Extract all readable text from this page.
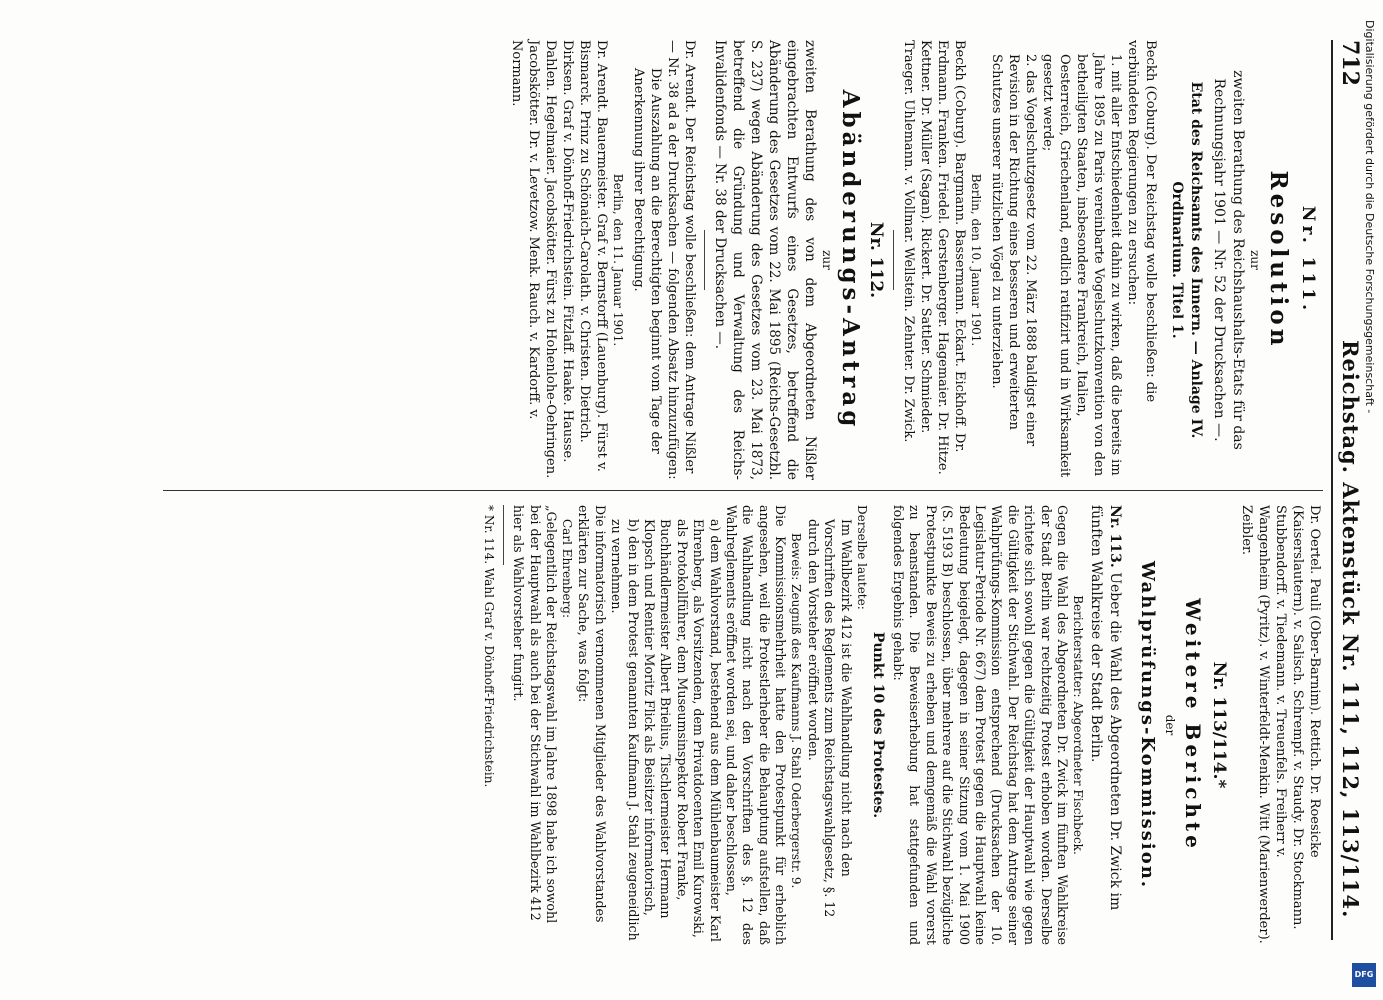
712
Reichstag. Aktenstück Nr. 111, 112, 113/114.
Nr. 111.
Resolution
zur
zweiten Berathung des Reichshaushalts-Etats für das Rechnungsjahr 1901 — Nr. 52 der Drucksachen —.
Etat des Reichsamts des Innern. — Anlage IV. Ordinarium. Titel 1.
Beckh (Coburg). Der Reichstag wolle beschließen: die verbündeten Regierungen zu ersuchen:
1. mit aller Entschiedenheit dahin zu wirken, daß die bereits im Jahre 1895 zu Paris vereinbarte Vogelschutzkonvention von den betheiligten Staaten, insbesondere Frankreich, Italien, Oesterreich, Griechenland, endlich ratifizirt und in Wirksamkeit gesetzt werde;
2. das Vogelschutzgesetz vom 22. März 1888 baldigst einer Revision in der Richtung eines besseren und erweiterten Schutzes unserer nützlichen Vögel zu unterziehen.
Berlin, den 10. Januar 1901.
Beckh (Coburg). Bargmann. Bassermann. Eckart. Eickhoff. Dr. Erdmann. Franken. Friedel. Gerstenberger. Hagemaier. Dr. Hitze. Kettner. Dr. Müller (Sagan). Rickert. Dr. Sattler. Schmieder. Traeger. Uhlemann. v. Vollmar. Wellstein. Zehnter. Dr. Zwick.
Nr. 112.
Abänderungs-Antrag
zur
zweiten Berathung des von dem Abgeordneten Nißler eingebrachten Entwurfs eines Gesetzes, betreffend die Abänderung des Gesetzes vom 22. Mai 1895 (Reichs-Gesetzbl. S. 237) wegen Abänderung des Gesetzes vom 23. Mai 1873, betreffend die Gründung und Verwaltung des Reichs-Invalidenfonds — Nr. 38 der Drucksachen —.
Dr. Arendt. Der Reichstag wolle beschließen: dem Antrage Nißler — Nr. 38 ad a der Drucksachen — folgenden Absatz hinzuzufügen:
Die Auszahlung an die Berechtigten beginnt vom Tage der Anerkennung ihrer Berechtigung.
Berlin, den 11. Januar 1901.
Dr. Arendt. Bauermeister. Graf v. Bernstorff (Lauenburg). Fürst v. Bismarck. Prinz zu Schönaich-Carolath. v. Christen. Dietrich. Dirksen. Graf v. Dönhoff-Friedrichstein. Fitzlaff. Haake. Hausse. Dahlen. Hegelmaier. Jacobskötter. Fürst zu Hohenlohe-Oehringen. Jacobskötter. Dr. v. Levetzow. Menk. Rauch. v. Kardorff. v. Normann.
Dr. Oertel. Pauli (Ober-Barnim). Rettich. Dr. Roesicke (Kaiserslautern). v. Salisch. Schrempf. v. Staudy. Dr. Stockmann. Stubbendorff. v. Tiedemann. v. Treuenfels. Freiherr v. Wangenheim (Pyritz). v. Winterfeldt-Menkin. Witt (Marienwerder). Zeibler.
Nr. 113/114.*
Weitere Berichte
der
Wahlprüfungs-Kommission.
Nr. 113. Ueber die Wahl des Abgeordneten Dr. Zwick im fünften Wahlkreise der Stadt Berlin.
Berichterstatter: Abgeordneter Fischbeck.
Gegen die Wahl des Abgeordneten Dr. Zwick im fünften Wahlkreise der Stadt Berlin war rechtzeitig Protest erhoben worden. Derselbe richtete sich sowohl gegen die Gültigkeit der Hauptwahl wie gegen die Gültigkeit der Stichwahl. Der Reichstag hat dem Antrage seiner Wahlprüfungs-Kommission entsprechend (Drucksachen der 10. Legislatur-Periode Nr. 667) dem Protest gegen die Hauptwahl keine Bedeutung beigelegt, dagegen in seiner Sitzung vom 1. Mai 1900 (S. 5193 B) beschlossen, über mehrere auf die Stichwahl bezügliche Protestpunkte Beweis zu erheben und demgemäß die Wahl vorerst zu beanstanden. Die Beweiserhebung hat stattgefunden und folgendes Ergebnis gehabt:
Punkt 10 des Protestes.
Derselbe lautete:
Im Wahlbezirk 412 ist die Wahlhandlung nicht nach den Vorschriften des Reglements zum Reichstagswahlgesetz, §. 12 durch den Vorsteher eröffnet worden.
Beweis: Zeugniß des Kaufmanns J. Stahl Oderbergerstr. 9.
Die Kommissionsmehrheit hatte den Protestpunkt für erheblich angesehen, weil die Protestlerheber die Behauptung aufstellen, daß die Wahlhandlung nicht nach den Vorschriften des §. 12 des Wahlreglements eröffnet worden sei, und daher beschlossen,
a) dem Wahlvorstand, bestehend aus dem Mühlenbaumeister Karl Ehrenberg, als Vorsitzenden, dem Privatdocenten Emil Kurowski, als Protokollführer, dem Museumsinspektor Robert Franke, Buchhändlermeister Albert Brielius, Tischlermeister Hermann Klopsch und Rentier Moritz Flick als Beisitzer informatorisch,
b) den in dem Protest genannten Kaufmann J. Stahl zeugeneidlich zu vernehmen.
Die informatorisch vernommenen Mitglieder des Wahlvorstandes erklärten zur Sache, was folgt:
Carl Ehrenberg:
„Gelegentlich der Reichstagswahl im Jahre 1898 habe ich sowohl bei der Hauptwahl als auch bei der Stichwahl im Wahlbezirk 412 hier als Wahlvorsteher fungirt.
* Nr. 114. Wahl Graf v. Dönhoff-Friedrichstein.
Digitalisierung gefördert durch die Deutsche Forschungsgemeinschaft -
DFG
